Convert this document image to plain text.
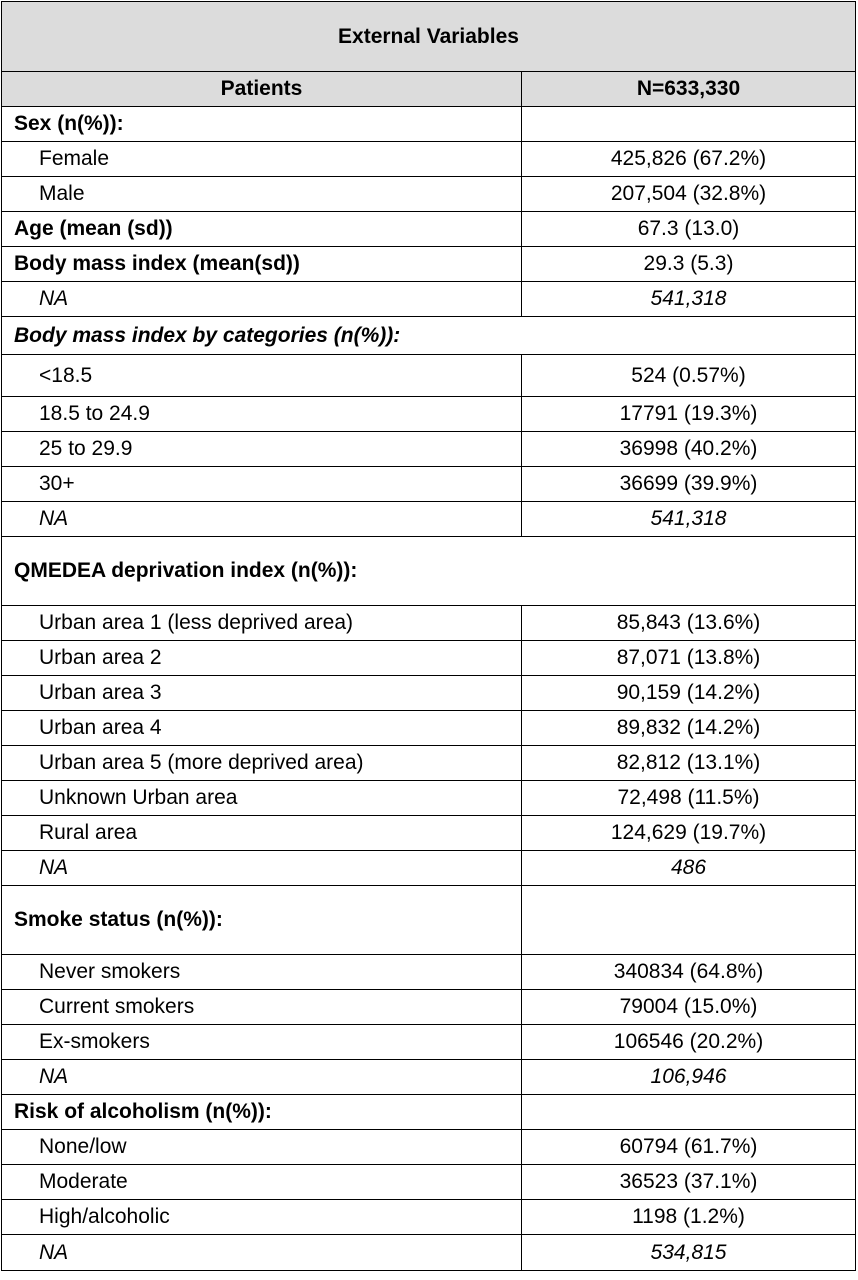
External Variables
Patients	N=633,330
Sex (n(%)):
Female	425,826 (67.2%)
Male	207,504 (32.8%)
Age (mean (sd))	67.3 (13.0)
Body mass index (mean(sd))	29.3 (5.3)
NA	541,318
Body mass index by categories (n(%)):
<18.5	524 (0.57%)
18.5 to 24.9	17791 (19.3%)
25 to 29.9	36998 (40.2%)
30+	36699 (39.9%)
NA	541,318
QMEDEA deprivation index (n(%)):
Urban area 1 (less deprived area)	85,843 (13.6%)
Urban area 2	87,071 (13.8%)
Urban area 3	90,159 (14.2%)
Urban area 4	89,832 (14.2%)
Urban area 5 (more deprived area)	82,812 (13.1%)
Unknown Urban area	72,498 (11.5%)
Rural area	124,629 (19.7%)
NA	486
Smoke status (n(%)):
Never smokers	340834 (64.8%)
Current smokers	79004 (15.0%)
Ex-smokers	106546 (20.2%)
NA	106,946
Risk of alcoholism (n(%)):
None/low	60794 (61.7%)
Moderate	36523 (37.1%)
High/alcoholic	1198 (1.2%)
NA	534,815
